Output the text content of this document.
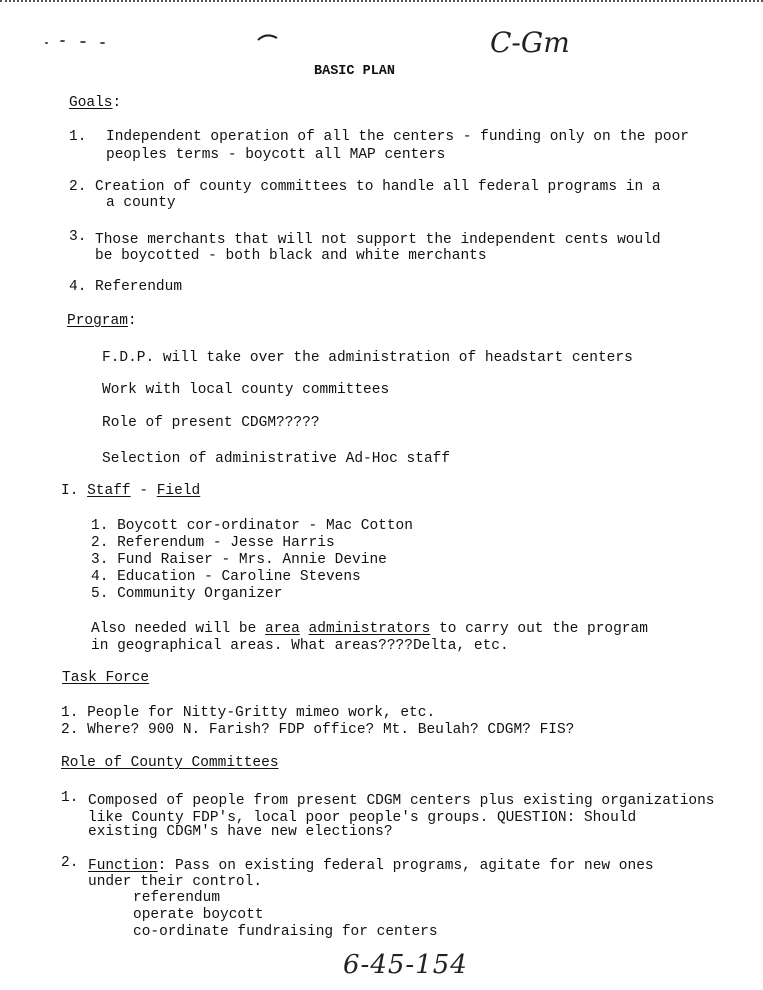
C-Gm
BASIC PLAN
Goals:
1. Independent operation of all the centers - funding only on the poor
peoples terms - boycott all MAP centers
2. Creation of county committees to handle all federal programs in a
a county
3. Those merchants that will not support the independent cents would
be boycotted - both black and white merchants
4. Referendum
Program:
F.D.P. will take over the administration of headstart centers
Work with local county committees
Role of present CDGM?????
Selection of administrative Ad-Hoc staff
I. Staff - Field
1. Boycott cor-ordinator - Mac Cotton
2. Referendum - Jesse Harris
3. Fund Raiser - Mrs. Annie Devine
4. Education - Caroline Stevens
5. Community Organizer
Also needed will be area administrators to carry out the program
in geographical areas. What areas????Delta, etc.
Task Force
1. People for Nitty-Gritty mimeo work, etc.
2. Where? 900 N. Farish? FDP office? Mt. Beulah? CDGM? FIS?
Role of County Committees
1. Composed of people from present CDGM centers plus existing organizations
like County FDP's, local poor people's groups. QUESTION: Should
existing CDGM's have new elections?
2. Function: Pass on existing federal programs, agitate for new ones
under their control.
referendum
operate boycott
co-ordinate fundraising for centers
6-45-154
